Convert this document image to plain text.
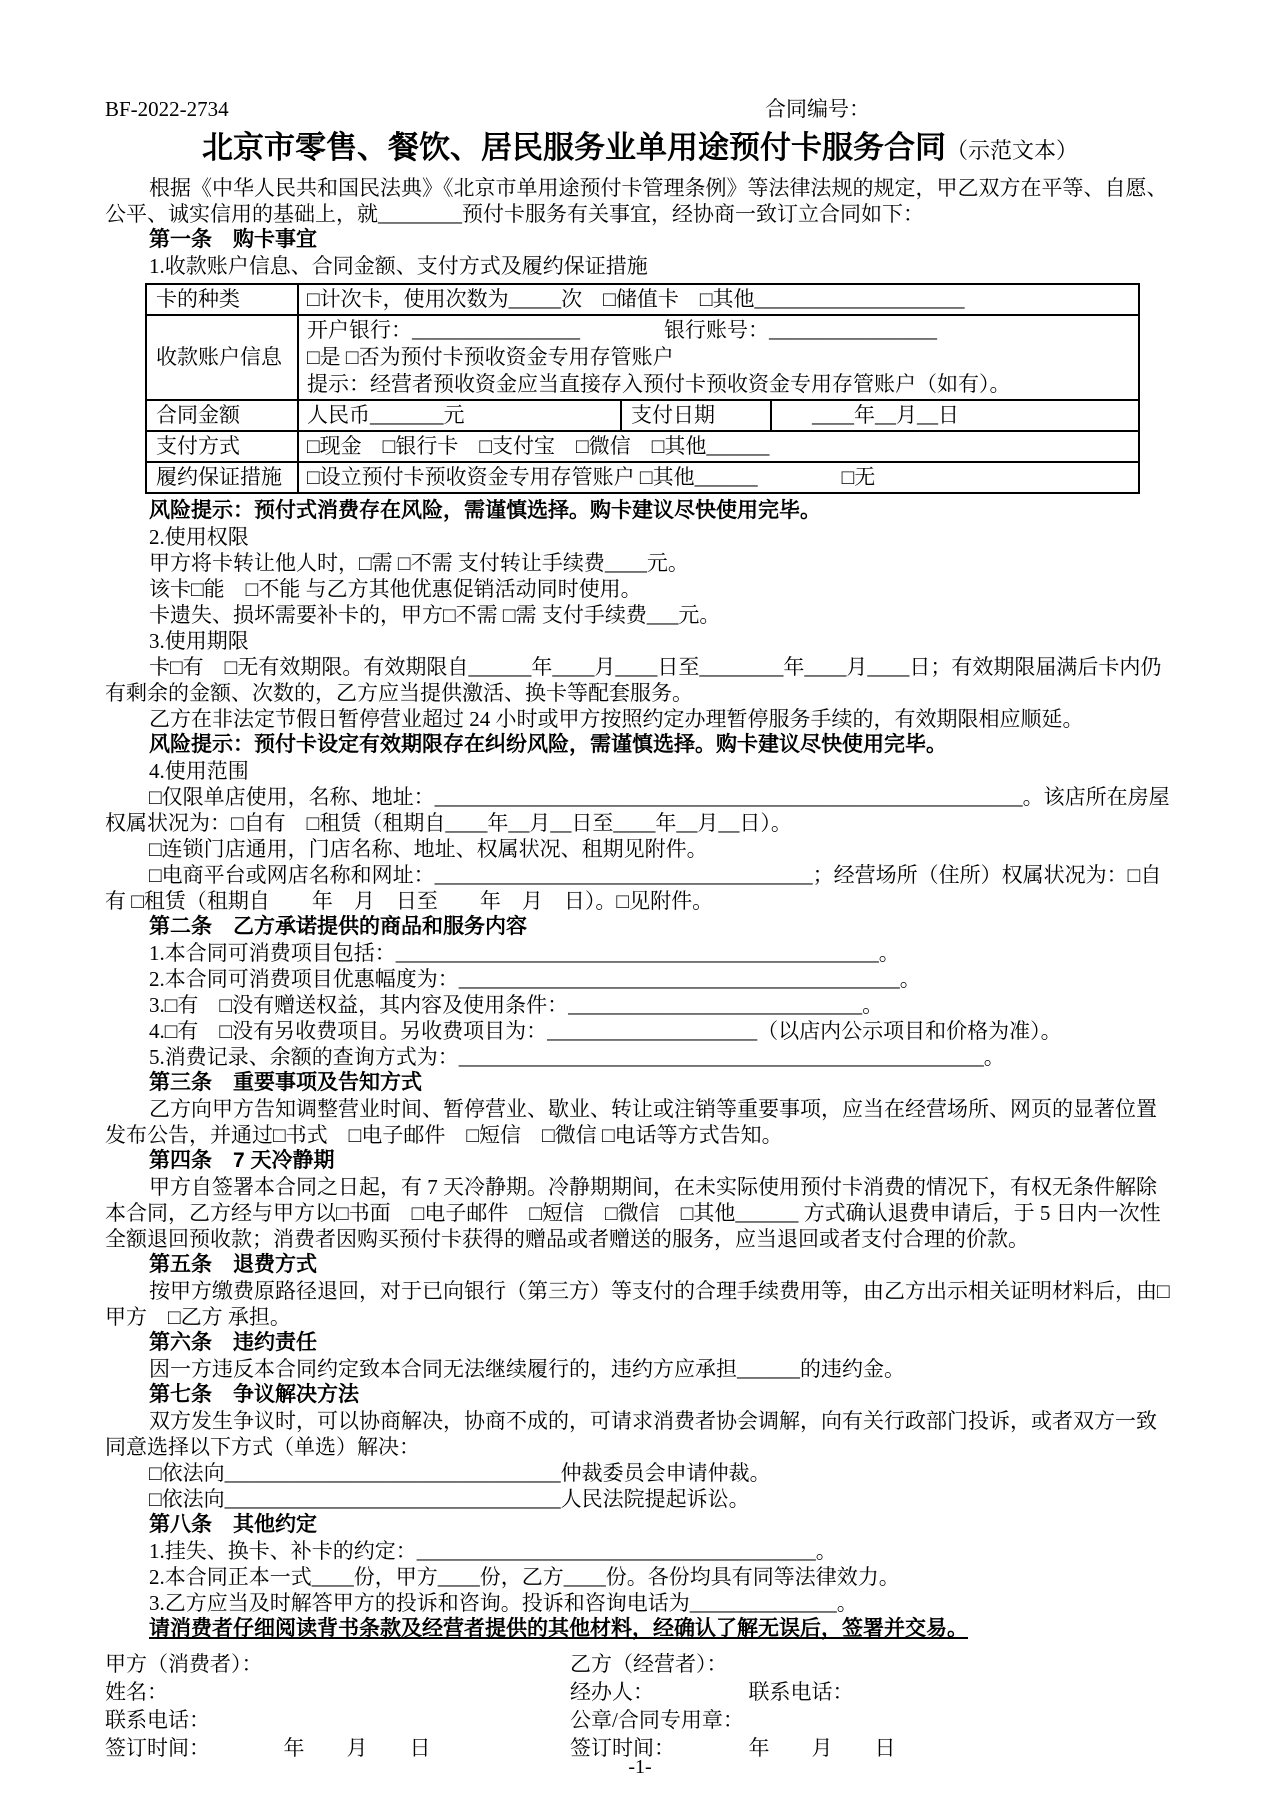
BF-2022-2734	合同编号：
北京市零售、餐饮、居民服务业单用途预付卡服务合同（示范文本）

根据《中华人民共和国民法典》《北京市单用途预付卡管理条例》等法律法规的规定，甲乙双方在平等、自愿、公平、诚实信用的基础上，就________预付卡服务有关事宜，经协商一致订立合同如下：

第一条　购卡事宜

1.收款账户信息、合同金额、支付方式及履约保证措施

卡的种类	□计次卡，使用次数为_____次　□储值卡　□其他____________________		
收款账户信息	开户银行：________________　　　　银行账号：________________
□是 □否为预付卡预收资金专用存管账户
提示：经营者预收资金应当直接存入预付卡预收资金专用存管账户（如有）。		

合同金额	人民币_______元	支付日期	____年__月__日
支付方式	□现金　□银行卡　□支付宝　□微信　□其他______		
履约保证措施	□设立预付卡预收资金专用存管账户 □其他______　　　　□无		

风险提示：预付式消费存在风险，需谨慎选择。购卡建议尽快使用完毕。

2.使用权限

甲方将卡转让他人时，□需 □不需 支付转让手续费____元。

该卡□能　□不能 与乙方其他优惠促销活动同时使用。

卡遗失、损坏需要补卡的，甲方□不需 □需 支付手续费___元。

3.使用期限

卡□有　□无有效期限。有效期限自______年____月____日至________年____月____日；有效期限届满后卡内仍有剩余的金额、次数的，乙方应当提供激活、换卡等配套服务。

乙方在非法定节假日暂停营业超过 24 小时或甲方按照约定办理暂停服务手续的，有效期限相应顺延。

风险提示：预付卡设定有效期限存在纠纷风险，需谨慎选择。购卡建议尽快使用完毕。

4.使用范围

□仅限单店使用，名称、地址：________________________________________________________。该店所在房屋权属状况为：□自有　□租赁（租期自____年__月__日至____年__月__日）。

□连锁门店通用，门店名称、地址、权属状况、租期见附件。

□电商平台或网店名称和网址：____________________________________；经营场所（住所）权属状况为：□自有 □租赁（租期自　　年　月　日至　　年　月　日）。□见附件。

第二条　乙方承诺提供的商品和服务内容

1.本合同可消费项目包括：______________________________________________。

2.本合同可消费项目优惠幅度为：__________________________________________。

3.□有　□没有赠送权益，其内容及使用条件：____________________________。

4.□有　□没有另收费项目。另收费项目为：____________________（以店内公示项目和价格为准）。

5.消费记录、余额的查询方式为：__________________________________________________。

第三条　重要事项及告知方式

乙方向甲方告知调整营业时间、暂停营业、歇业、转让或注销等重要事项，应当在经营场所、网页的显著位置发布公告，并通过□书式　□电子邮件　□短信　□微信 □电话等方式告知。

第四条　7 天冷静期

甲方自签署本合同之日起，有 7 天冷静期。冷静期期间，在未实际使用预付卡消费的情况下，有权无条件解除本合同，乙方经与甲方以□书面　□电子邮件　□短信　□微信　□其他______ 方式确认退费申请后，于 5 日内一次性全额退回预收款；消费者因购买预付卡获得的赠品或者赠送的服务，应当退回或者支付合理的价款。

第五条　退费方式

按甲方缴费原路径退回，对于已向银行（第三方）等支付的合理手续费用等，由乙方出示相关证明材料后，由□甲方　□乙方 承担。

第六条　违约责任

因一方违反本合同约定致本合同无法继续履行的，违约方应承担______的违约金。

第七条　争议解决方法

双方发生争议时，可以协商解决，协商不成的，可请求消费者协会调解，向有关行政部门投诉，或者双方一致同意选择以下方式（单选）解决：

□依法向________________________________仲裁委员会申请仲裁。

□依法向________________________________人民法院提起诉讼。

第八条　其他约定

1.挂失、换卡、补卡的约定：______________________________________。

2.本合同正本一式____份，甲方____份，乙方____份。各份均具有同等法律效力。

3.乙方应当及时解答甲方的投诉和咨询。投诉和咨询电话为______________。

请消费者仔细阅读背书条款及经营者提供的其他材料，经确认了解无误后，签署并交易。

甲方（消费者）：

姓名：

联系电话：

签订时间：　　　　年　　月　　日

乙方（经营者）：

经办人：　　　　　联系电话：

公章/合同专用章：

签订时间：　　　　年　　月　　日

-1-
